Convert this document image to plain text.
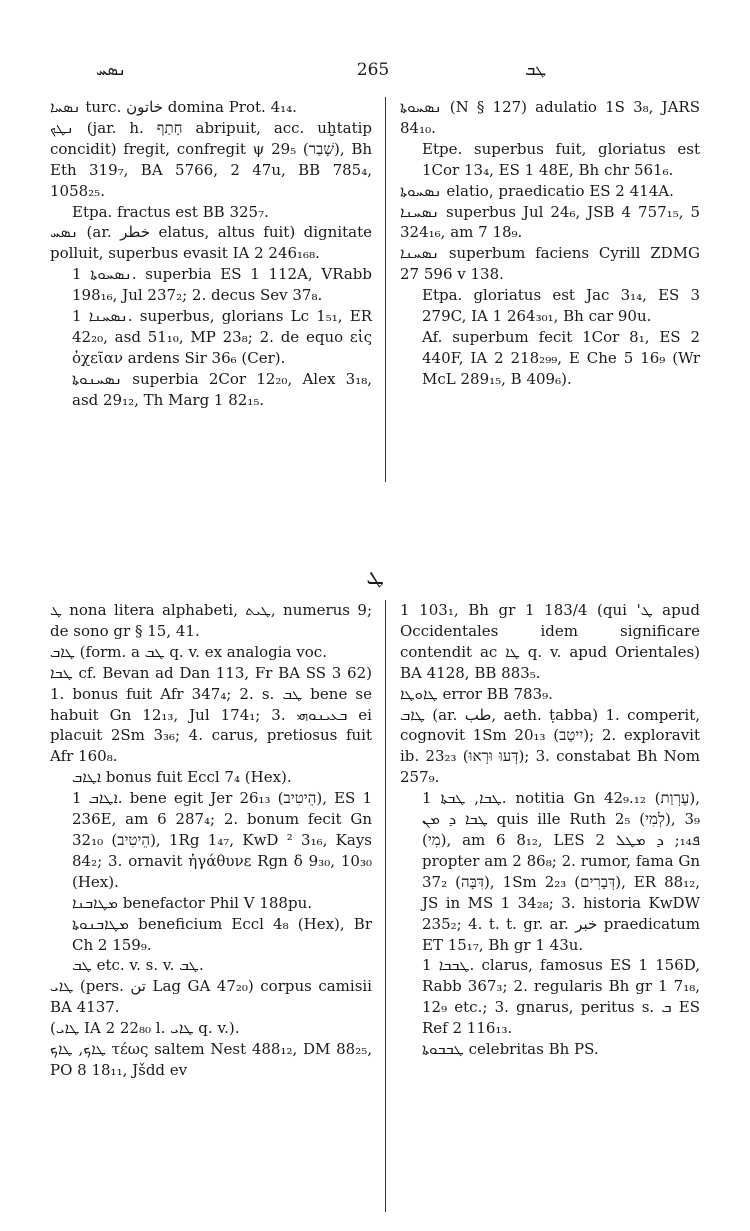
ܢܣܚ	265	ܛܒ

ܢܣܚܐ turc. خاتون domina Prot. 4₁₄.

ܢܛܟ (jar. h. חָתַף abripuit, acc. uḫtatip concidit) fregit, confregit ψ 29₅ (שָׁבַר), Bh Eth 319₇, BA 5766, 2 47u, BB 785₄, 1058₂₅.

Etpa. fractus est BB 325₇.

ܢܣܚ (ar. خطر elatus, altus fuit) dignitate polluit, superbus evasit IA 2 246₁₆₈.

ܢܣܚܘܬܐ 1. superbia ES 1 112A, VRabb 198₁₆, Jul 237₂; 2. decus Sev 37₈.

ܢܣܚܢܐ 1. superbus, glorians Lc 1₅₁, ER 42₂₀, asd 51₁₀, MP 23₈; 2. de equo εἰς ὀχεῖαν ardens Sir 36₆ (Cer).

ܢܣܚܢܘܬܐ superbia 2Cor 12₂₀, Alex 3₁₈, asd 29₁₂, Th Marg 1 82₁₅.

ܢܣܚܘܬܐ (N § 127) adulatio 1S 3₈, JARS 84₁₀.

Etpe. superbus fuit, gloriatus est 1Cor 13₄, ES 1 48E, Bh chr 561₆.

ܢܣܚܘܬܐ elatio, praedicatio ES 2 414A.

ܢܣܚܢܐ superbus Jul 24₆, JSB 4 757₁₅, 5 324₁₆, am 7 18₉.

ܢܣܚܢܐ superbum faciens Cyrill ZDMG 27 596 v 138.

Etpa. gloriatus est Jac 3₁₄, ES 3 279C, IA 1 264₃₀₁, Bh car 90u.

Af. superbum fecit 1Cor 8₁, ES 2 440F, IA 2 218₂₉₉, E Che 5 16₉ (Wr McL 289₁₅, B 409₆).

ܛ

ܛ nona litera alphabeti, ܛܝܬ, numerus 9; de sono gr § 15, 41.

ܛܐܒ (form. a ܛܒ q. v. ex analogia voc.

ܛܒܐ cf. Bevan ad Dan 113, Fr BA SS 3 62) 1. bonus fuit Afr 347₄; 2. s. ܛܒ bene se habuit Gn 12₁₃, Jul 174₁; 3. ܒܥܝܢܘܗܝ ei placuit 2Sm 3₃₆; 4. carus, pretiosus fuit Afr 160₈.

ܐܛܐܒ bonus fuit Eccl 7₄ (Hex).

ܐܛܐܒ 1. bene egit Jer 26₁₃ (הֵיטִיב), ES 1 236E, am 6 287₄; 2. bonum fecit Gn 32₁₀ (הֵיטִיב), 1Rg 1₄₇, KwD ² 3₁₆, Kays 84₂; 3. ornavit ἠγάθυνε Rgn δ 9₃₀, 10₃₀ (Hex).

ܡܛܐܒܢܐ benefactor Phil V 188pu.

ܡܛܐܒܢܘܬܐ beneficium Eccl 4₈ (Hex), Br Ch 2 159₉.

ܛܒ etc. v. s. v. ܛܒ.

ܛܐܝ (pers. تن Lag GA 47₂₀) corpus camisii BA 4137.

(ܛܐܝ IA 2 22₈₀ l. ܛܐܝ q. v.).

ܛܐܟ, ܛܐܟ τέως saltem Nest 488₁₂, DM 88₂₅, PO 8 18₁₁, Jšdd ev

1 103₁, Bh gr 1 183/4 (qui 'ܛ apud Occidentales idem significare contendit ac ܛܐ q. v. apud Orientales) BA 4128, BB 883₅.

ܛܐܘܛܐ error BB 783₉.

ܛܐܒ (ar. طب, aeth. ṭabba) 1. comperit, cognovit 1Sm 20₁₃ (יִיטַב); 2. exploravit ib. 23₂₃ (דְּעוּ וּרְאוּ); 3. constabat Bh Nom 257₉.

ܛܒܐ, ܛܒܬܐ 1. notitia Gn 42₉.₁₂ (עֶרְוַת), ܛܒܐ ܕ ܡܢ quis ille Ruth 2₅ (לְמִי), 3₉ (מִי), am 6 8₁₂, LES 2 ܦ₁₄; ܕ ܡܛܠ propter am 2 86₈; 2. rumor, fama Gn 37₂ (דִּבָּה), 1Sm 2₂₃ (דְּבָרִים), ER 88₁₂, JS in MS 1 34₂₈; 3. historia KwDW 235₂; 4. t. t. gr. ar. خبر praedicatum ET 15₁₇, Bh gr 1 43u.

ܛܒܒܐ 1. clarus, famosus ES 1 156D, Rabb 367₃; 2. regularis Bh gr 1 7₁₈, 12₉ etc.; 3. gnarus, peritus s. ܒ ES Ref 2 116₁₃.

ܛܒܒܘܬܐ celebritas Bh PS.
